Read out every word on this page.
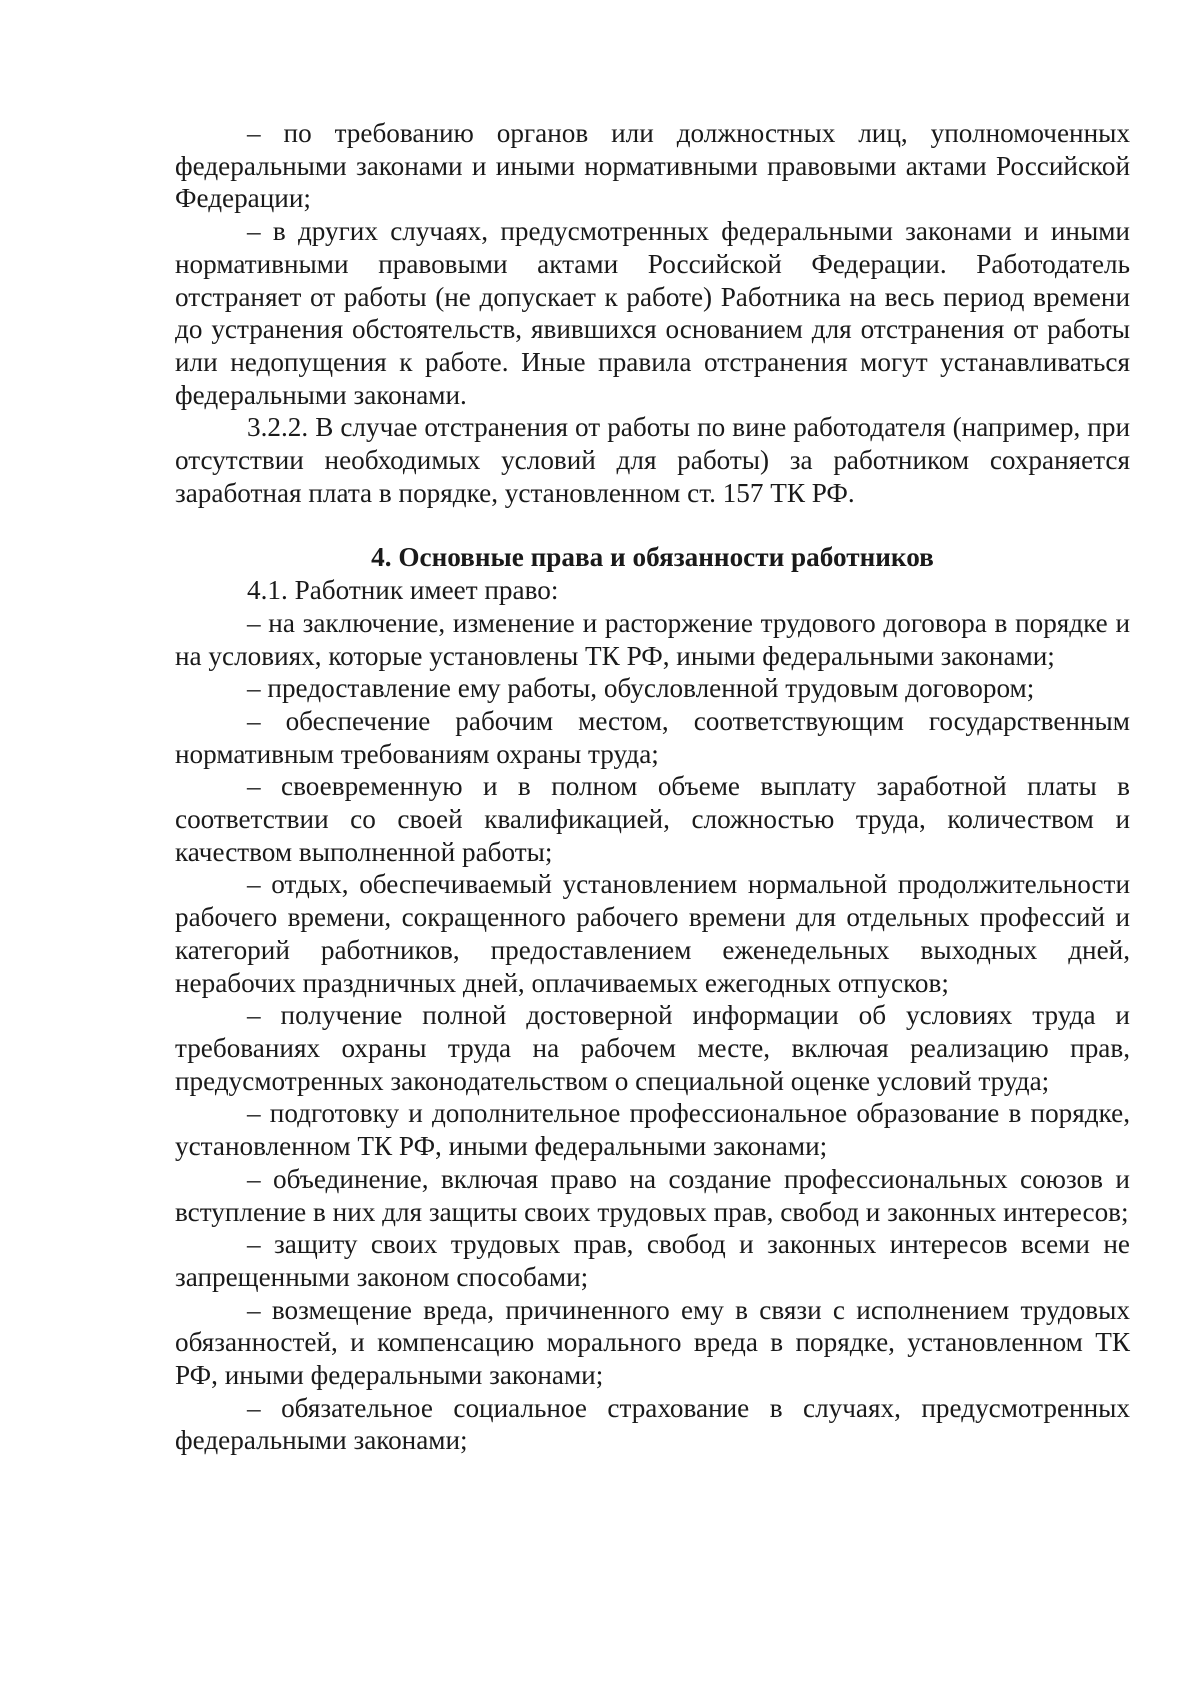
– по требованию органов или должностных лиц, уполномоченных федеральными законами и иными нормативными правовыми актами Российской Федерации;

– в других случаях, предусмотренных федеральными законами и иными нормативными правовыми актами Российской Федерации. Работодатель отстраняет от работы (не допускает к работе) Работника на весь период времени до устранения обстоятельств, явившихся основанием для отстранения от работы или недопущения к работе. Иные правила отстранения могут устанавливаться федеральными законами.

3.2.2. В случае отстранения от работы по вине работодателя (например, при отсутствии необходимых условий для работы) за работником сохраняется заработная плата в порядке, установленном ст. 157 ТК РФ.

4. Основные права и обязанности работников

4.1. Работник имеет право:

– на заключение, изменение и расторжение трудового договора в порядке и на условиях, которые установлены ТК РФ, иными федеральными законами;

– предоставление ему работы, обусловленной трудовым договором;

– обеспечение рабочим местом, соответствующим государственным нормативным требованиям охраны труда;

– своевременную и в полном объеме выплату заработной платы в соответствии со своей квалификацией, сложностью труда, количеством и качеством выполненной работы;

– отдых, обеспечиваемый установлением нормальной продолжительности рабочего времени, сокращенного рабочего времени для отдельных профессий и категорий работников, предоставлением еженедельных выходных дней, нерабочих праздничных дней, оплачиваемых ежегодных отпусков;

– получение полной достоверной информации об условиях труда и требованиях охраны труда на рабочем месте, включая реализацию прав, предусмотренных законодательством о специальной оценке условий труда;

– подготовку и дополнительное профессиональное образование в порядке, установленном ТК РФ, иными федеральными законами;

– объединение, включая право на создание профессиональных союзов и вступление в них для защиты своих трудовых прав, свобод и законных интересов;

– защиту своих трудовых прав, свобод и законных интересов всеми не запрещенными законом способами;

– возмещение вреда, причиненного ему в связи с исполнением трудовых обязанностей, и компенсацию морального вреда в порядке, установленном ТК РФ, иными федеральными законами;

– обязательное социальное страхование в случаях, предусмотренных федеральными законами;
